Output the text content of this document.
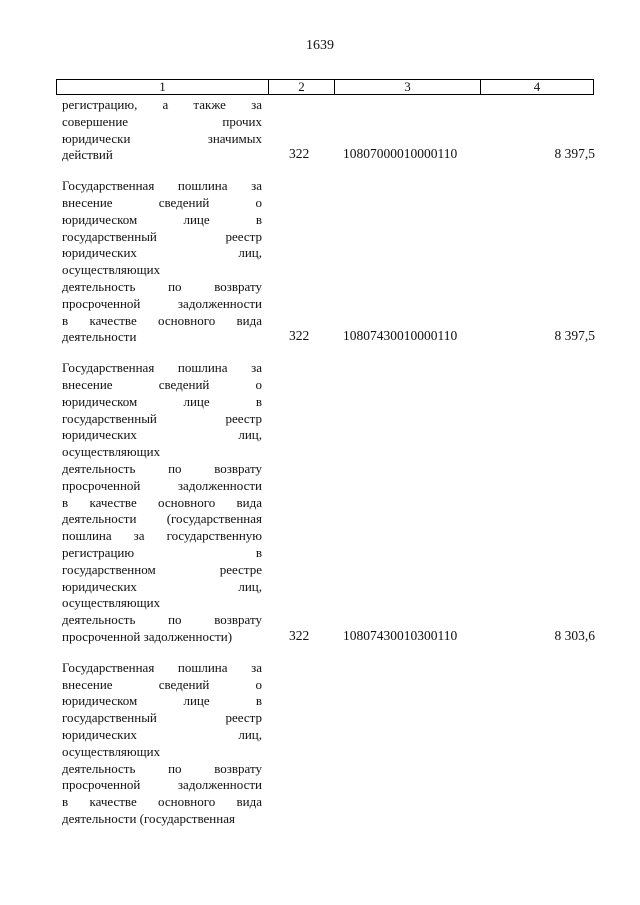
1639
1	2	3	4
регистрацию, а также за
совершение прочих
юридически значимых
действий	322	10807000010000110	8 397,5
Государственная пошлина за
внесение сведений о
юридическом лице в
государственный реестр
юридических лиц,
осуществляющих
деятельность по возврату
просроченной задолженности
в качестве основного вида
деятельности	322	10807430010000110	8 397,5
Государственная пошлина за
внесение сведений о
юридическом лице в
государственный реестр
юридических лиц,
осуществляющих
деятельность по возврату
просроченной задолженности
в качестве основного вида
деятельности (государственная
пошлина за государственную
регистрацию в
государственном реестре
юридических лиц,
осуществляющих
деятельность по возврату
просроченной задолженности)	322	10807430010300110	8 303,6
Государственная пошлина за
внесение сведений о
юридическом лице в
государственный реестр
юридических лиц,
осуществляющих
деятельность по возврату
просроченной задолженности
в качестве основного вида
деятельности (государственная
